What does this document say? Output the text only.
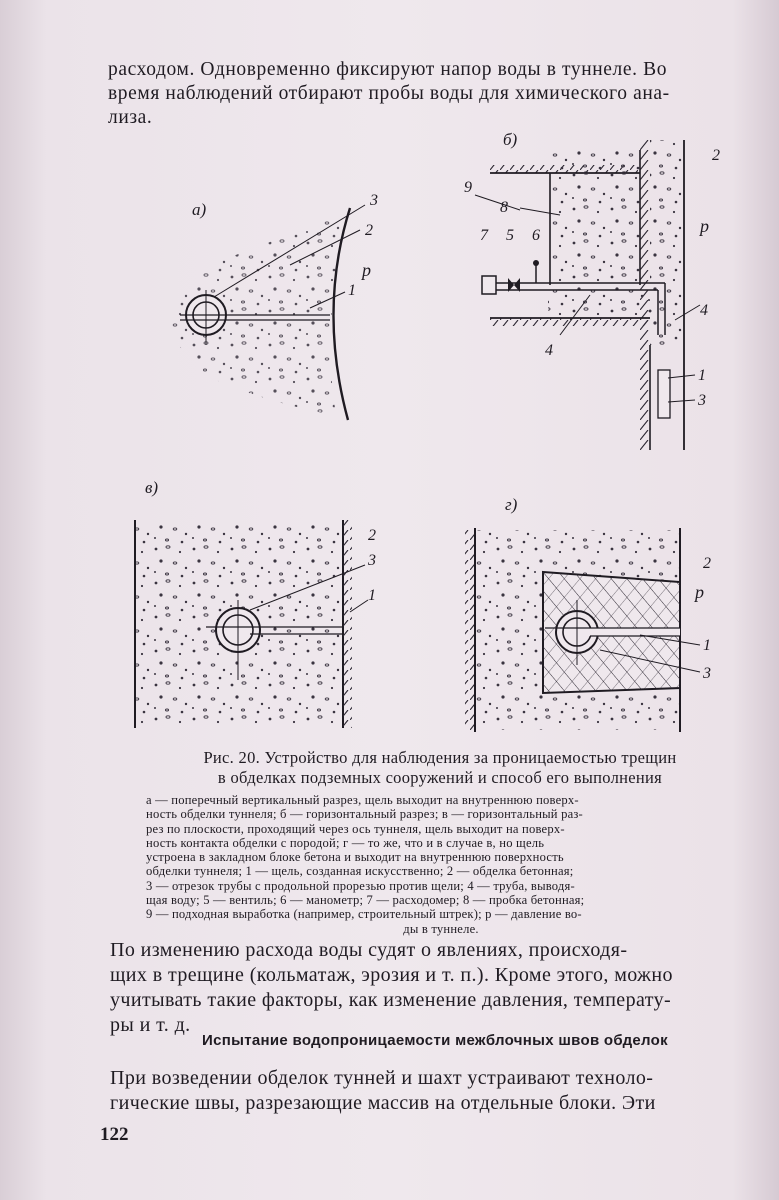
расходом. Одновременно фиксируют напор воды в туннеле. Во
время наблюдений отбирают пробы воды для химического ана-
лиза.
а)	3
2
р
1
б)
2
9
8
7 5 6	р
4
4
1
3
в)
2
3
1
г)
2
р
1
3
Рис. 20. Устройство для наблюдения за проницаемостью трещин
в обделках подземных сооружений и способ его выполнения
а — поперечный вертикальный разрез, щель выходит на внутреннюю поверх-
ность обделки туннеля; б — горизонтальный разрез; в — горизонтальный раз-
рез по плоскости, проходящий через ось туннеля, щель выходит на поверх-
ность контакта обделки с породой; г — то же, что и в случае в, но щель
устроена в закладном блоке бетона и выходит на внутреннюю поверхность
обделки туннеля; 1 — щель, созданная искусственно; 2 — обделка бетонная;
3 — отрезок трубы с продольной прорезью против щели; 4 — труба, выводя-
щая воду; 5 — вентиль; 6 — манометр; 7 — расходомер; 8 — пробка бетонная;
9 — подходная выработка (например, строительный штрек); р — давление во-
ды в туннеле.
По изменению расхода воды судят о явлениях, происходя-
щих в трещине (кольматаж, эрозия и т. п.). Кроме этого, можно
учитывать такие факторы, как изменение давления, температу-
ры и т. д.
Испытание водопроницаемости межблочных швов обделок
При возведении обделок тунней и шахт устраивают техноло-
гические швы, разрезающие массив на отдельные блоки. Эти
122
